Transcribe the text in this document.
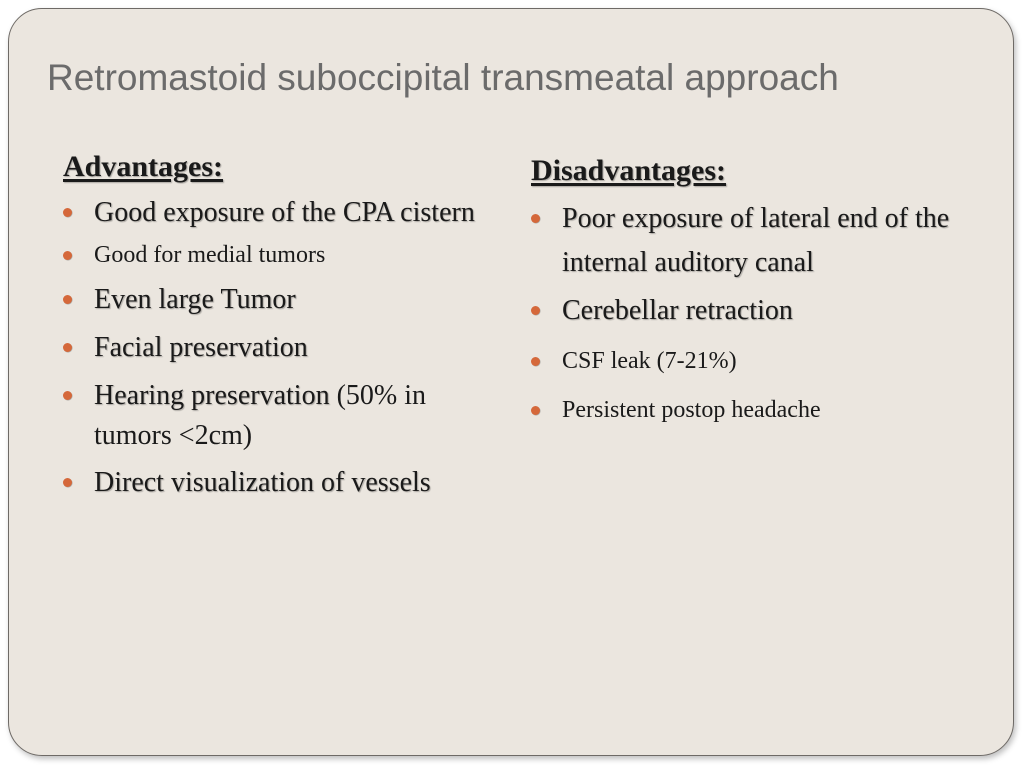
Retromastoid suboccipital transmeatal approach
Advantages:
Good exposure of the CPA cistern
Good for medial tumors
Even large Tumor
Facial preservation
Hearing preservation (50% in tumors <2cm)
Direct visualization of vessels
Disadvantages:
Poor exposure of lateral end of the internal auditory canal
Cerebellar retraction
CSF leak (7-21%)
Persistent postop headache
